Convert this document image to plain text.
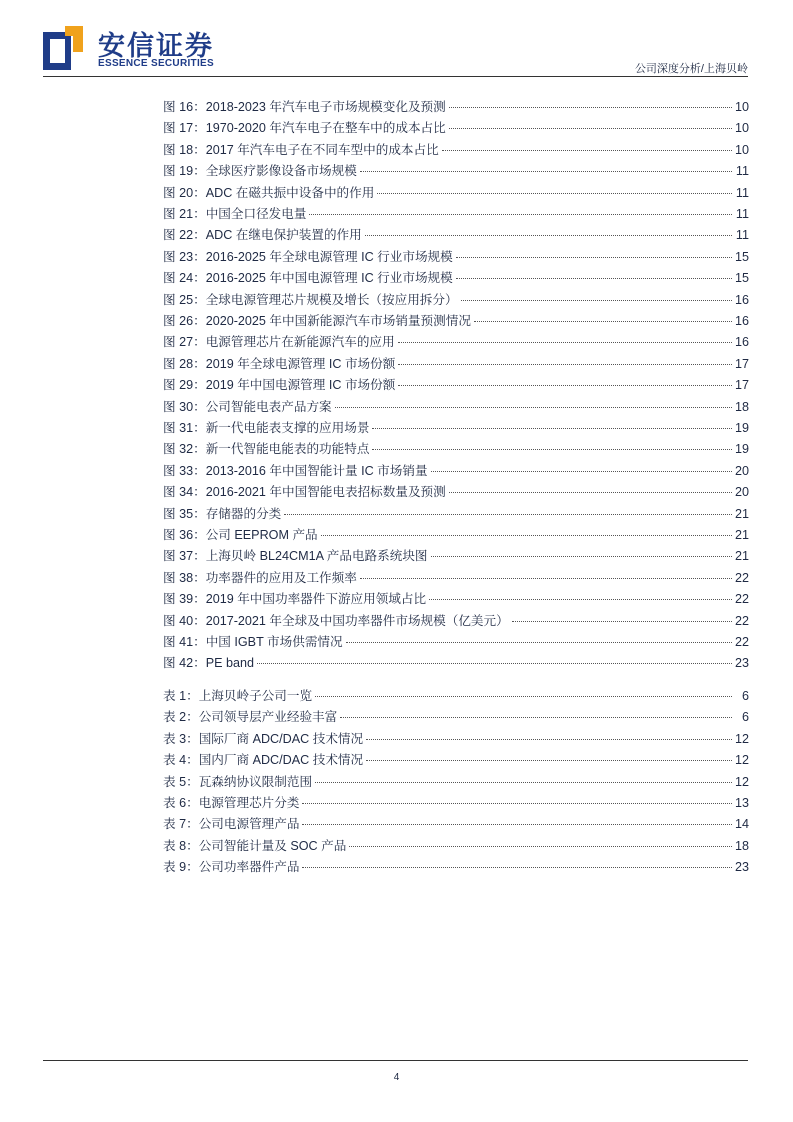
安信证券
ESSENCE SECURITIES	公司深度分析/上海贝岭
图 16：2018-2023 年汽车电子市场规模变化及预测	10
图 17：1970-2020 年汽车电子在整车中的成本占比	10
图 18：2017 年汽车电子在不同车型中的成本占比	10
图 19：全球医疗影像设备市场规模	11
图 20：ADC 在磁共振中设备中的作用	11
图 21：中国全口径发电量	11
图 22：ADC 在继电保护装置的作用	11
图 23：2016-2025 年全球电源管理 IC 行业市场规模	15
图 24：2016-2025 年中国电源管理 IC 行业市场规模	15
图 25：全球电源管理芯片规模及增长（按应用拆分）	16
图 26：2020-2025 年中国新能源汽车市场销量预测情况	16
图 27：电源管理芯片在新能源汽车的应用	16
图 28：2019 年全球电源管理 IC 市场份额	17
图 29：2019 年中国电源管理 IC 市场份额	17
图 30：公司智能电表产品方案	18
图 31：新一代电能表支撑的应用场景	19
图 32：新一代智能电能表的功能特点	19
图 33：2013-2016 年中国智能计量 IC 市场销量	20
图 34：2016-2021 年中国智能电表招标数量及预测	20
图 35：存储器的分类	21
图 36：公司 EEPROM 产品	21
图 37：上海贝岭 BL24CM1A 产品电路系统块图	21
图 38：功率器件的应用及工作频率	22
图 39：2019 年中国功率器件下游应用领域占比	22
图 40：2017-2021 年全球及中国功率器件市场规模（亿美元）	22
图 41：中国 IGBT 市场供需情况	22
图 42：PE band	23
表 1：上海贝岭子公司一览	6
表 2：公司领导层产业经验丰富	6
表 3：国际厂商 ADC/DAC 技术情况	12
表 4：国内厂商 ADC/DAC 技术情况	12
表 5：瓦森纳协议限制范围	12
表 6：电源管理芯片分类	13
表 7：公司电源管理产品	14
表 8：公司智能计量及 SOC 产品	18
表 9：公司功率器件产品	23
4
